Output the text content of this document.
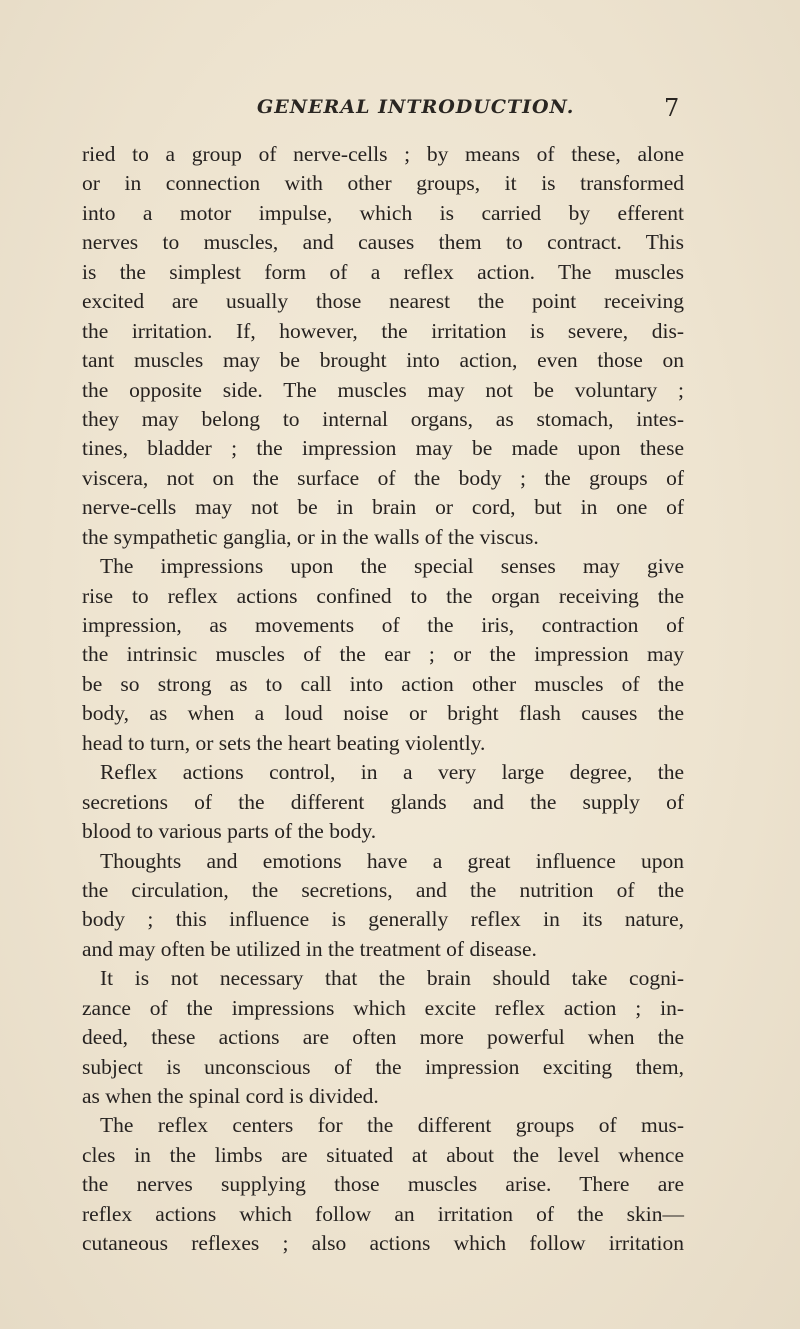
GENERAL INTRODUCTION.	7
ried to a group of nerve-cells ; by means of these, alone
or in connection with other groups, it is transformed
into a motor impulse, which is carried by efferent
nerves to muscles, and causes them to contract. This
is the simplest form of a reflex action. The muscles
excited are usually those nearest the point receiving
the irritation. If, however, the irritation is severe, dis-
tant muscles may be brought into action, even those on
the opposite side. The muscles may not be voluntary ;
they may belong to internal organs, as stomach, intes-
tines, bladder ; the impression may be made upon these
viscera, not on the surface of the body ; the groups of
nerve-cells may not be in brain or cord, but in one of
the sympathetic ganglia, or in the walls of the viscus.
The impressions upon the special senses may give
rise to reflex actions confined to the organ receiving the
impression, as movements of the iris, contraction of
the intrinsic muscles of the ear ; or the impression may
be so strong as to call into action other muscles of the
body, as when a loud noise or bright flash causes the
head to turn, or sets the heart beating violently.
Reflex actions control, in a very large degree, the
secretions of the different glands and the supply of
blood to various parts of the body.
Thoughts and emotions have a great influence upon
the circulation, the secretions, and the nutrition of the
body ; this influence is generally reflex in its nature,
and may often be utilized in the treatment of disease.
It is not necessary that the brain should take cogni-
zance of the impressions which excite reflex action ; in-
deed, these actions are often more powerful when the
subject is unconscious of the impression exciting them,
as when the spinal cord is divided.
The reflex centers for the different groups of mus-
cles in the limbs are situated at about the level whence
the nerves supplying those muscles arise. There are
reflex actions which follow an irritation of the skin—
cutaneous reflexes ; also actions which follow irritation
